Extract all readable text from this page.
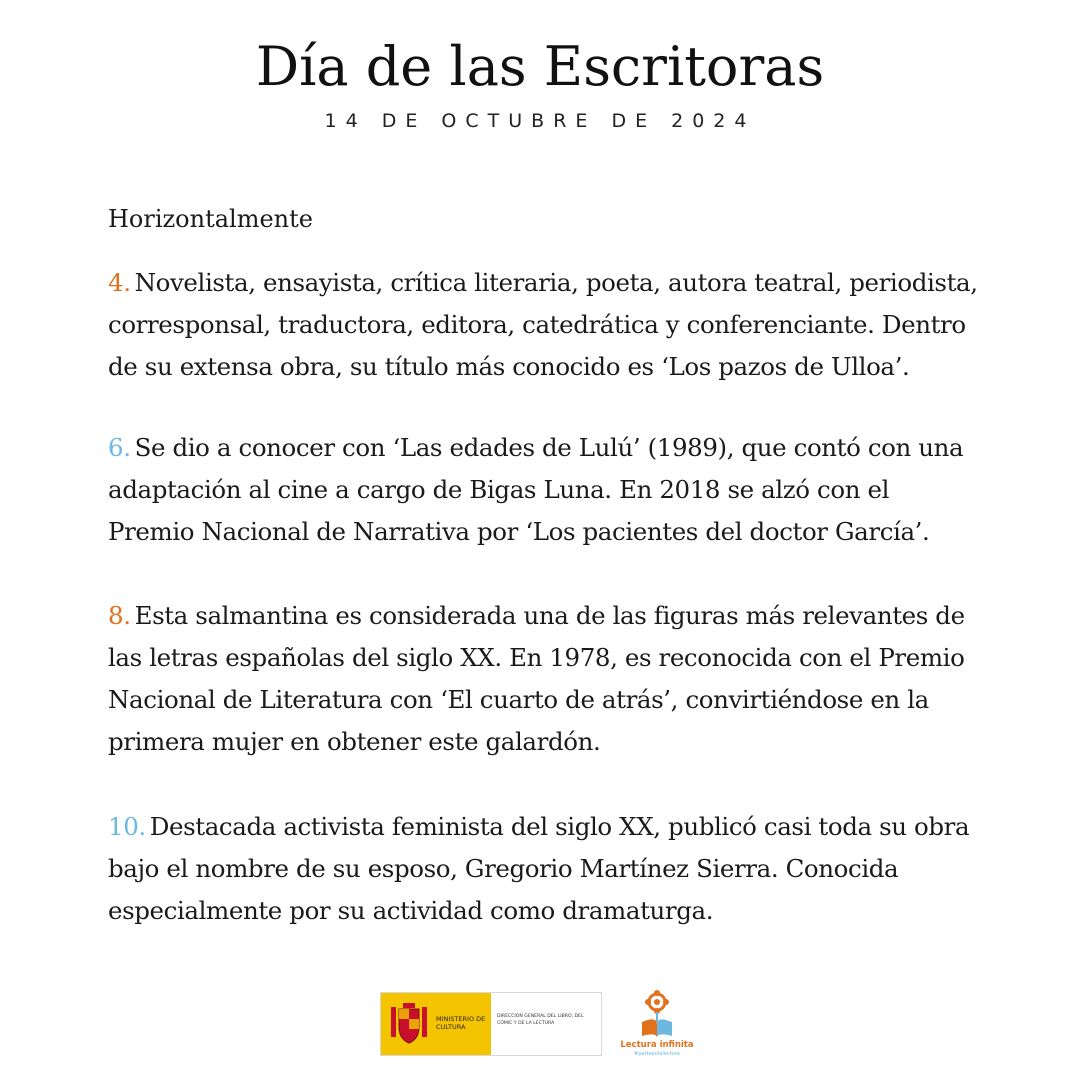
Día de las Escritoras
14 DE OCTUBRE DE 2024
Horizontalmente
4. Novelista, ensayista, crítica literaria, poeta, autora teatral, periodista,
corresponsal, traductora, editora, catedrática y conferenciante. Dentro
de su extensa obra, su título más conocido es ‘Los pazos de Ulloa’.
6. Se dio a conocer con ‘Las edades de Lulú’ (1989), que contó con una
adaptación al cine a cargo de Bigas Luna. En 2018 se alzó con el
Premio Nacional de Narrativa por ‘Los pacientes del doctor García’.
8. Esta salmantina es considerada una de las figuras más relevantes de
las letras españolas del siglo XX. En 1978, es reconocida con el Premio
Nacional de Literatura con ‘El cuarto de atrás’, convirtiéndose en la
primera mujer en obtener este galardón.
10. Destacada activista feminista del siglo XX, publicó casi toda su obra
bajo el nombre de su esposo, Gregorio Martínez Sierra. Conocida
especialmente por su actividad como dramaturga.
MINISTERIO DE CULTURA
DIRECCIÓN GENERAL DEL LIBRO, DEL CÓMIC Y DE LA LECTURA
Lectura infinita
#partepolalectura
